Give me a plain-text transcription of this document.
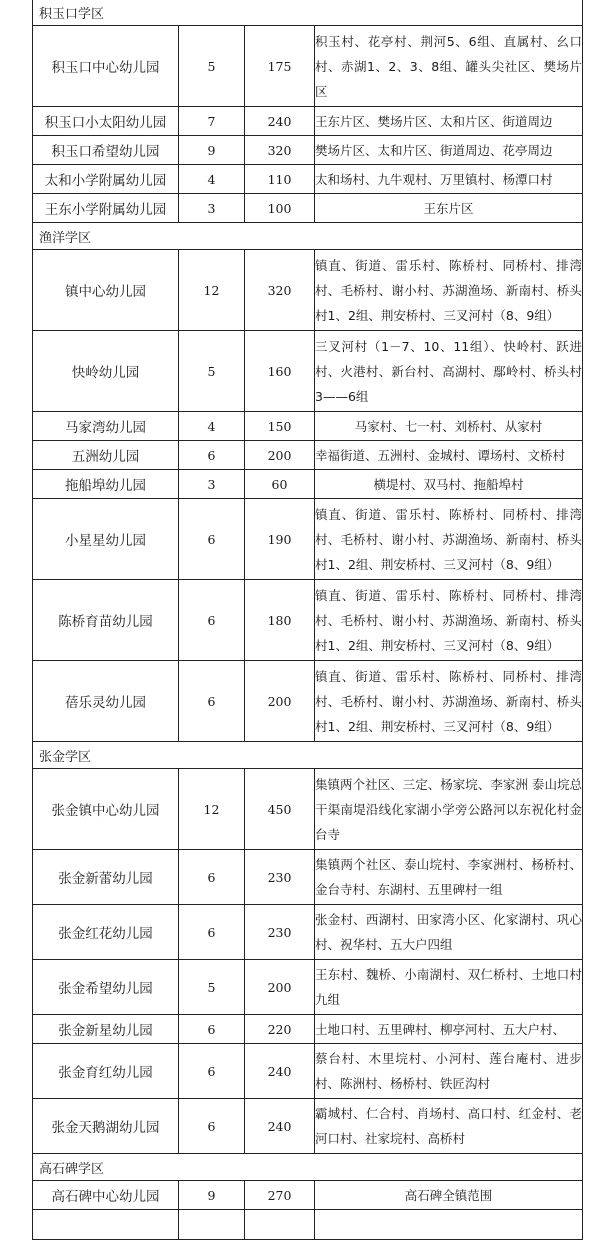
积玉口学区			
积玉口中心幼儿园	5	175	积玉村、花亭村、荆河5、6组、直属村、幺口村、赤湖1、2、3、8组、罐头尖社区、樊场片区
积玉口小太阳幼儿园	7	240	王东片区、樊场片区、太和片区、街道周边
积玉口希望幼儿园	9	320	樊场片区、太和片区、街道周边、花亭周边
太和小学附属幼儿园	4	110	太和场村、九牛观村、万里镇村、杨潭口村
王东小学附属幼儿园	3	100	王东片区
渔洋学区			
镇中心幼儿园	12	320	镇直、街道、雷乐村、陈桥村、同桥村、排湾村、毛桥村、谢小村、苏湖渔场、新南村、桥头村1、2组、荆安桥村、三叉河村（8、9组）
快岭幼儿园	5	160	三叉河村（1－7、10、11组）、快岭村、跃进村、火港村、新台村、高湖村、鄢岭村、桥头村3——6组
马家湾幼儿园	4	150	马家村、七一村、刘桥村、从家村
五洲幼儿园	6	200	幸福街道、五洲村、金城村、谭场村、文桥村
拖船埠幼儿园	3	60	横堤村、双马村、拖船埠村
小星星幼儿园	6	190	镇直、街道、雷乐村、陈桥村、同桥村、排湾村、毛桥村、谢小村、苏湖渔场、新南村、桥头村1、2组、荆安桥村、三叉河村（8、9组）
陈桥育苗幼儿园	6	180	镇直、街道、雷乐村、陈桥村、同桥村、排湾村、毛桥村、谢小村、苏湖渔场、新南村、桥头村1、2组、荆安桥村、三叉河村（8、9组）
蓓乐灵幼儿园	6	200	镇直、街道、雷乐村、陈桥村、同桥村、排湾村、毛桥村、谢小村、苏湖渔场、新南村、桥头村1、2组、荆安桥村、三叉河村（8、9组）
张金学区			
张金镇中心幼儿园	12	450	集镇两个社区、三定、杨家垸、李家洲 泰山垸总干渠南堤沿线化家湖小学旁公路河以东祝化村金台寺
张金新蕾幼儿园	6	230	集镇两个社区、泰山垸村、李家洲村、杨桥村、金台寺村、东湖村、五里碑村一组
张金红花幼儿园	6	230	张金村、西湖村、田家湾小区、化家湖村、巩心村、祝华村、五大户四组
张金希望幼儿园	5	200	王东村、魏桥、小南湖村、双仁桥村、土地口村九组
张金新星幼儿园	6	220	土地口村、五里碑村、柳亭河村、五大户村、
张金育红幼儿园	6	240	蔡台村、木里垸村、小河村、莲台庵村、进步村、陈洲村、杨桥村、铁匠沟村
张金天鹅湖幼儿园	6	240	霸城村、仁合村、肖场村、高口村、红金村、老河口村、社家垸村、高桥村
高石碑学区			
高石碑中心幼儿园	9	270	高石碑全镇范围
